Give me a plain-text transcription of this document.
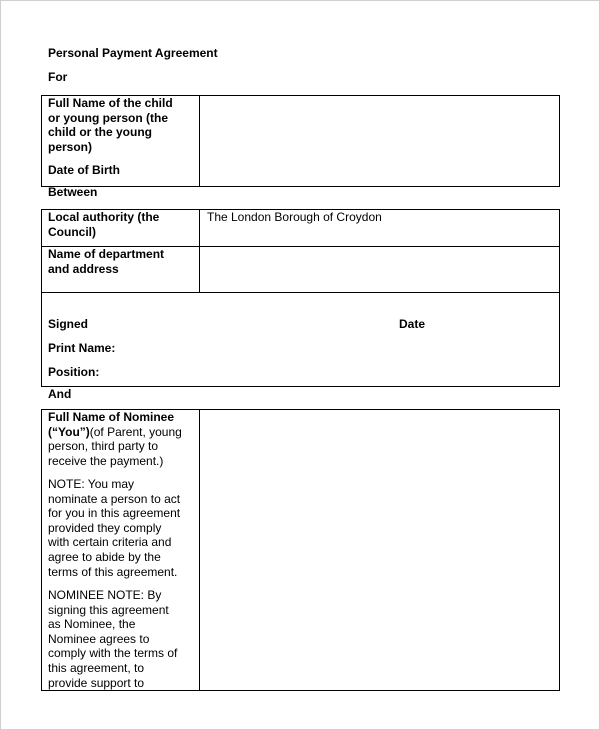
Personal Payment Agreement
For
Full Name of the child
or young person (the
child or the young
person)
Date of Birth
Between
Local authority (the
Council)
The London Borough of Croydon
Name of department
and address
Signed	Date
Print Name:
Position:
And
Full Name of Nominee
(“You”)(of Parent, young
person, third party to
receive the payment.)
NOTE: You may
nominate a person to act
for you in this agreement
provided they comply
with certain criteria and
agree to abide by the
terms of this agreement.
NOMINEE NOTE: By
signing this agreement
as Nominee, the
Nominee agrees to
comply with the terms of
this agreement, to
provide support to
